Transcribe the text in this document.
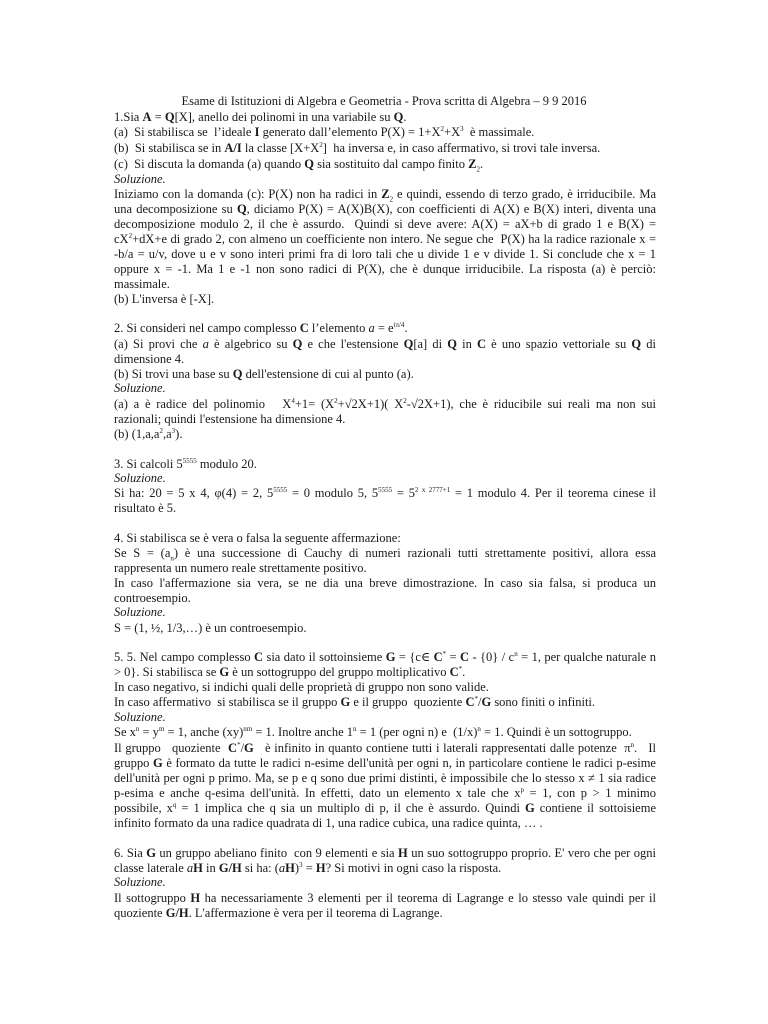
Esame di Istituzioni di Algebra e Geometria - Prova scritta di Algebra – 9 9 2016
1.Sia A = Q[X], anello dei polinomi in una variabile su Q.
(a)  Si stabilisca se  l’ideale I generato dall’elemento $P(X) = 1+X^2+X^3$  è massimale.
(b)  Si stabilisca se in A/I la classe $[X+X^2]$  ha inversa e, in caso affermativo, si trovi tale inversa.
(c)  Si discuta la domanda (a) quando Q sia sostituito dal campo finito $Z_2$.
Soluzione.
Iniziamo con la domanda (c): P(X) non ha radici in $Z_2$ e quindi, essendo di terzo grado, è irriducibile. Ma
una decomposizione su Q, diciamo P(X) = A(X)B(X), con coefficienti di A(X) e B(X) interi, diventa una
decomposizione modulo 2, il che è assurdo.  Quindi si deve avere: A(X) = aX+b di grado 1 e B(X) =
$cX^2+dX+e$ di grado 2, con almeno un coefficiente non intero. Ne segue che  P(X) ha la radice razionale x =
-b/a = u/v, dove u e v sono interi primi fra di loro tali che u divide 1 e v divide 1. Si conclude che x = 1
oppure x = -1. Ma 1 e -1 non sono radici di P(X), che è dunque irriducibile. La risposta (a) è perciò:
massimale.
(b) L'inversa è [-X].
2. Si consideri nel campo complesso C l’elemento $a = e^{i\pi/4}$.
(a) Si provi che a è algebrico su Q e che l'estensione Q[a] di Q in C è uno spazio vettoriale su Q di
dimensione 4.
(b) Si trovi una base su Q dell'estensione di cui al punto (a).
Soluzione.
(a) a è radice del polinomio   $X^4+1= (X^2+√2X+1)$( $X^2-√2X+1$), che è riducibile sui reali ma non sui
razionali; quindi l'estensione ha dimensione 4.
(b) $(1,a,a^2,a^3)$.
3. Si calcoli $5^{5555}$ modulo 20.
Soluzione.
Si ha: 20 = 5 x 4, φ(4) = 2, $5^{5555} = 0$ modulo 5, $5^{5555} = 5^{2 x 2777+1} = 1$ modulo 4. Per il teorema cinese il
risultato è 5.
4. Si stabilisca se è vera o falsa la seguente affermazione:
Se $S = (a_n)$ è una successione di Cauchy di numeri razionali tutti strettamente positivi, allora essa
rappresenta un numero reale strettamente positivo.
In caso l'affermazione sia vera, se ne dia una breve dimostrazione. In caso sia falsa, si produca un
controesempio.
Soluzione.
S = (1, ½, 1/3,…) è un controesempio.
5. 5. Nel campo complesso C sia dato il sottoinsieme G = {c∈ $C^* = C - \{0\} / c^n = 1$, per qualche naturale n
> 0}. Si stabilisca se G è un sottogruppo del gruppo moltiplicativo C*.
In caso negativo, si indichi quali delle proprietà di gruppo non sono valide.
In caso affermativo  si stabilisca se il gruppo G e il gruppo  quoziente C*/G sono finiti o infiniti.
Soluzione.
Se $x^n = y^m = 1$, anche (xy)$^{nm}$ = 1. Inoltre anche $1^n = 1$ (per ogni n) e  $(1/x)^n = 1$. Quindi è un sottogruppo.
Il gruppo   quoziente  C*/G   è infinito in quanto contiene tutti i laterali rappresentati dalle potenze  $\pi^n$.   Il
gruppo G è formato da tutte le radici n-esime dell'unità per ogni n, in particolare contiene le radici p-esime
dell'unità per ogni p primo. Ma, se p e q sono due primi distinti, è impossibile che lo stesso x ≠ 1 sia radice
p-esima e anche q-esima dell'unità. In effetti, dato un elemento x tale che $x^p = 1$, con p > 1 minimo
possibile, $x^q = 1$ implica che q sia un multiplo di p, il che è assurdo. Quindi G contiene il sottoisieme
infinito formato da una radice quadrata di 1, una radice cubica, una radice quinta, … .
6. Sia G un gruppo abeliano finito  con 9 elementi e sia H un suo sottogruppo proprio. E' vero che per ogni
classe laterale aH in G/H si ha: (aH)$^3$ = H? Si motivi in ogni caso la risposta.
Soluzione.
Il sottogruppo H ha necessariamente 3 elementi per il teorema di Lagrange e lo stesso vale quindi per il
quoziente G/H. L'affermazione è vera per il teorema di Lagrange.
